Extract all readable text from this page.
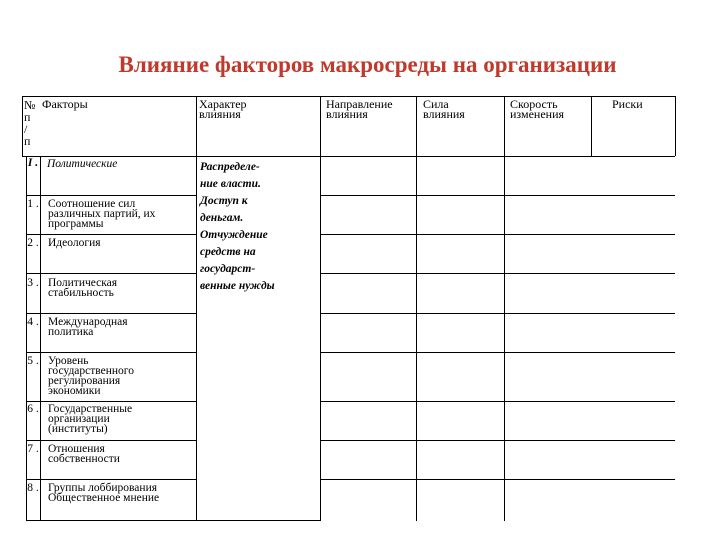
Влияние факторов макросреды на организации
№ п / п
Факторы	Характер
влияния
Направление
влияния
Сила
влияния
Скорость
изменения
Риски
I . Политические
1 . Соотношение сил
различных партий, их
программы
2 . Идеология
3 . Политическая
стабильность
4 . Международная
политика
5 . Уровень
государственного
регулирования
экономики
6 . Государственные
организации
(институты)
7 . Отношения
собственности
8 . Группы лоббирования
Общественное мнение
Распределе-
ние власти.
Доступ к
деньгам.
Отчуждение
средств на
государст-
венные нужды
